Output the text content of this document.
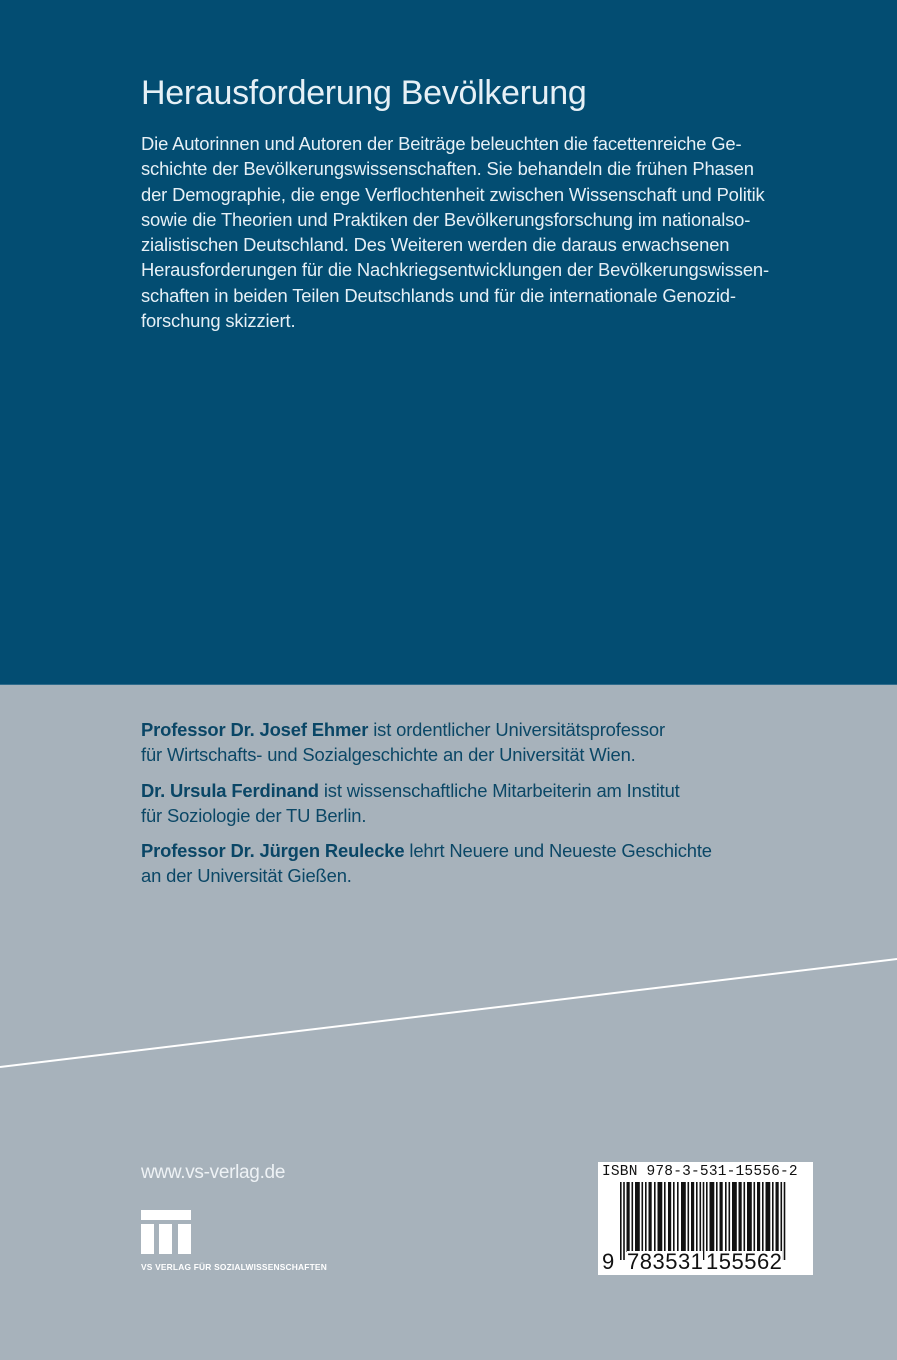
Herausforderung Bevölkerung

Die Autorinnen und Autoren der Beiträge beleuchten die facettenreiche Ge-
schichte der Bevölkerungswissenschaften. Sie behandeln die frühen Phasen
der Demographie, die enge Verflochtenheit zwischen Wissenschaft und Politik
sowie die Theorien und Praktiken der Bevölkerungsforschung im nationalso-
zialistischen Deutschland. Des Weiteren werden die daraus erwachsenen
Herausforderungen für die Nachkriegsentwicklungen der Bevölkerungswissen-
schaften in beiden Teilen Deutschlands und für die internationale Genozid-
forschung skizziert.

Professor Dr. Josef Ehmer ist ordentlicher Universitätsprofessor
für Wirtschafts- und Sozialgeschichte an der Universität Wien.

Dr. Ursula Ferdinand ist wissenschaftliche Mitarbeiterin am Institut
für Soziologie der TU Berlin.

Professor Dr. Jürgen Reulecke lehrt Neuere und Neueste Geschichte
an der Universität Gießen.

www.vs-verlag.de
VS VERLAG FÜR SOZIALWISSENSCHAFTEN
ISBN 978-3-531-15556-2
9 783531 155562
